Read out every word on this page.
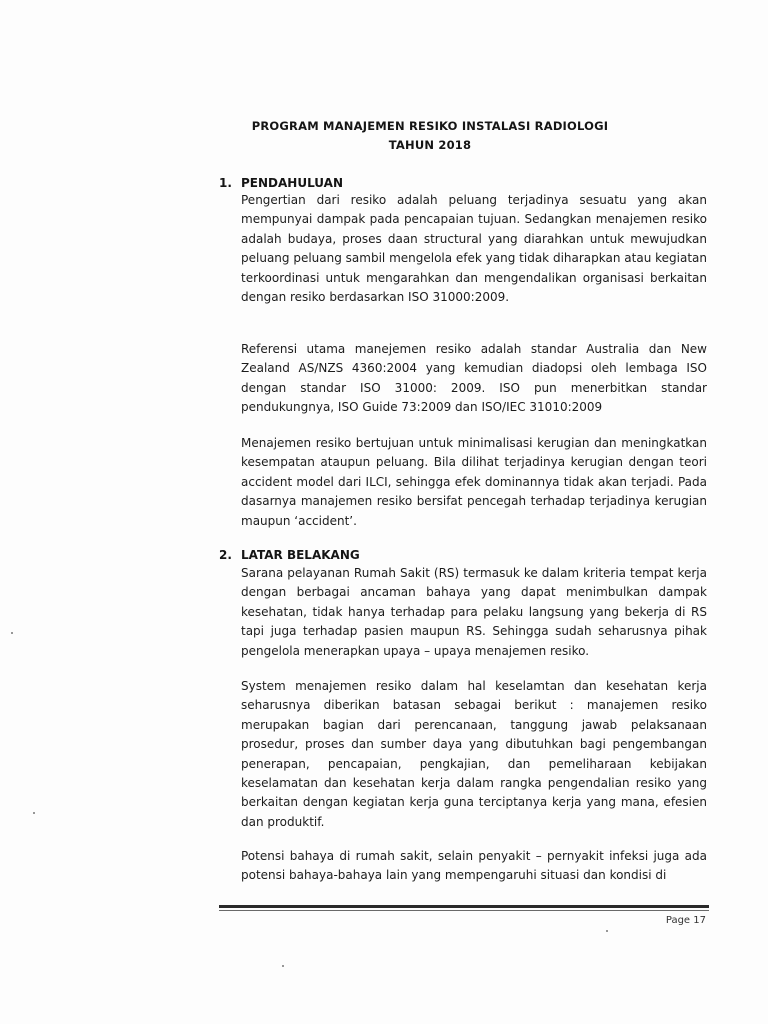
PROGRAM MANAJEMEN RESIKO INSTALASI RADIOLOGI
TAHUN 2018
1. PENDAHULUAN
Pengertian dari resiko adalah peluang terjadinya sesuatu yang akan mempunyai dampak pada pencapaian tujuan. Sedangkan menajemen resiko adalah budaya, proses daan structural yang diarahkan untuk mewujudkan peluang peluang sambil mengelola efek yang tidak diharapkan atau kegiatan terkoordinasi untuk mengarahkan dan mengendalikan organisasi berkaitan dengan resiko berdasarkan ISO 31000:2009.
Referensi utama manejemen resiko adalah standar Australia dan New Zealand AS/NZS 4360:2004 yang kemudian diadopsi oleh lembaga ISO dengan standar ISO 31000: 2009. ISO pun menerbitkan standar pendukungnya, ISO Guide 73:2009 dan ISO/IEC 31010:2009
Menajemen resiko bertujuan untuk minimalisasi kerugian dan meningkatkan kesempatan ataupun peluang. Bila dilihat terjadinya kerugian dengan teori accident model dari ILCI, sehingga efek dominannya tidak akan terjadi. Pada dasarnya manajemen resiko bersifat pencegah terhadap terjadinya kerugian maupun ‘accident’.
2. LATAR BELAKANG
Sarana pelayanan Rumah Sakit (RS) termasuk ke dalam kriteria tempat kerja dengan berbagai ancaman bahaya yang dapat menimbulkan dampak kesehatan, tidak hanya terhadap para pelaku langsung yang bekerja di RS tapi juga terhadap pasien maupun RS. Sehingga sudah seharusnya pihak pengelola menerapkan upaya – upaya menajemen resiko.
System menajemen resiko dalam hal keselamtan dan kesehatan kerja seharusnya diberikan batasan sebagai berikut : manajemen resiko merupakan bagian dari perencanaan, tanggung jawab pelaksanaan prosedur, proses dan sumber daya yang dibutuhkan bagi pengembangan penerapan, pencapaian, pengkajian, dan pemeliharaan kebijakan keselamatan dan kesehatan kerja dalam rangka pengendalian resiko yang berkaitan dengan kegiatan kerja guna terciptanya kerja yang mana, efesien dan produktif.
Potensi bahaya di rumah sakit, selain penyakit – pernyakit infeksi juga ada potensi bahaya-bahaya lain yang mempengaruhi situasi dan kondisi di
Page 17
